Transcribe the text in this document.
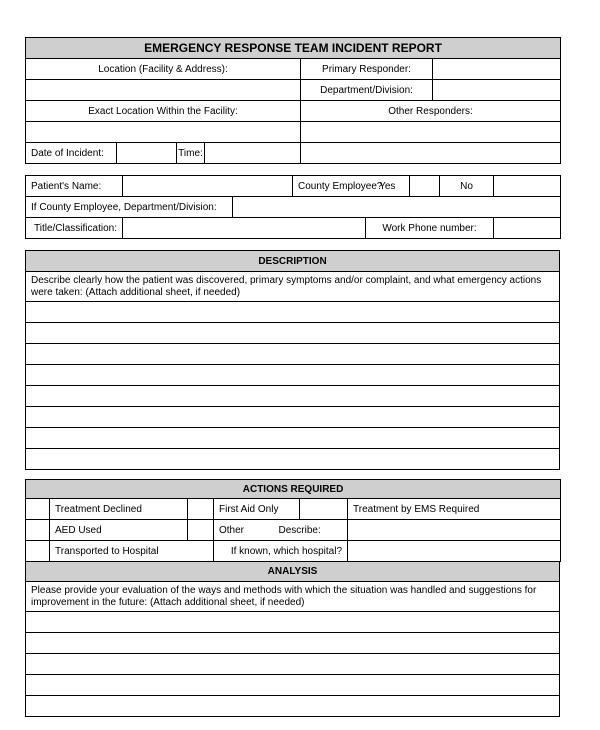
EMERGENCY RESPONSE TEAM INCIDENT REPORT					
Location (Facility & Address):				Primary Responder:	
				Department/Division:	
Exact Location Within the Facility:				Other Responders:	

Date of Incident:		Time:			
Patient's Name:			County Employee?	Yes		No	
If County Employee, Department/Division:							
Title/Classification:				Work Phone number:			
DESCRIPTION
Describe clearly how the patient was discovered, primary symptoms and/or complaint, and what emergency actions were taken: (Attach additional sheet, if needed)

ACTIONS REQUIRED						
	Treatment Declined		First Aid Only			Treatment by EMS Required
	AED Used		Other	Describe:		
	Transported to Hospital		If known, which hospital?			
ANALYSIS
Please provide your evaluation of the ways and methods with which the situation was handled and suggestions for improvement in the future: (Attach additional sheet, if needed)
